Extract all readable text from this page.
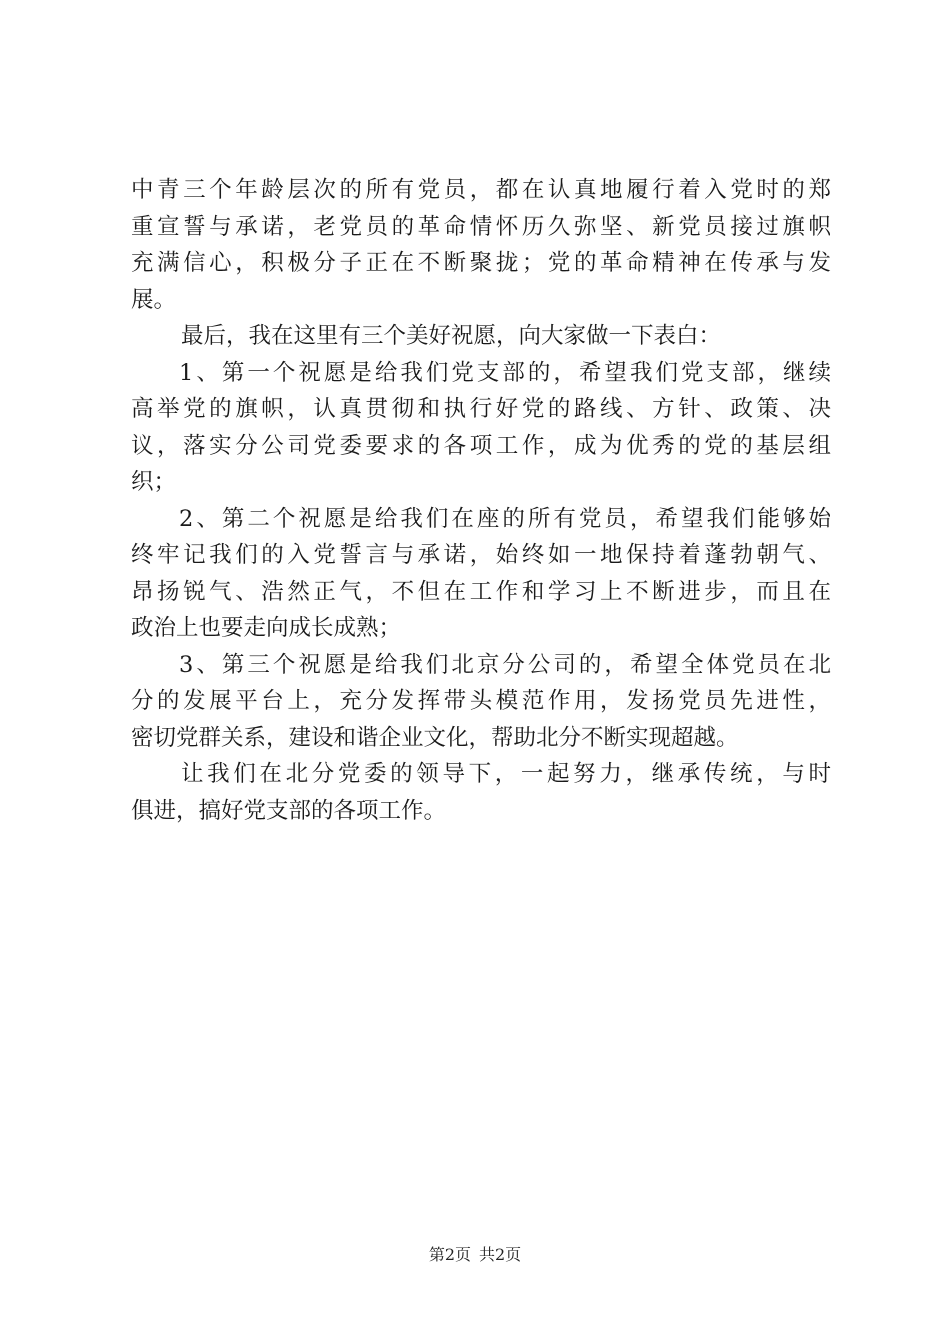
中青三个年龄层次的所有党员，都在认真地履行着入党时的郑
重宣誓与承诺，老党员的革命情怀历久弥坚、新党员接过旗帜
充满信心，积极分子正在不断聚拢；党的革命精神在传承与发
展。
最后，我在这里有三个美好祝愿，向大家做一下表白：
1、第一个祝愿是给我们党支部的，希望我们党支部，继续
高举党的旗帜，认真贯彻和执行好党的路线、方针、政策、决
议，落实分公司党委要求的各项工作，成为优秀的党的基层组
织；
2、第二个祝愿是给我们在座的所有党员，希望我们能够始
终牢记我们的入党誓言与承诺，始终如一地保持着蓬勃朝气、
昂扬锐气、浩然正气，不但在工作和学习上不断进步，而且在
政治上也要走向成长成熟；
3、第三个祝愿是给我们北京分公司的，希望全体党员在北
分的发展平台上，充分发挥带头模范作用，发扬党员先进性，
密切党群关系，建设和谐企业文化，帮助北分不断实现超越。
让我们在北分党委的领导下，一起努力，继承传统，与时
俱进，搞好党支部的各项工作。
第2页 共2页
